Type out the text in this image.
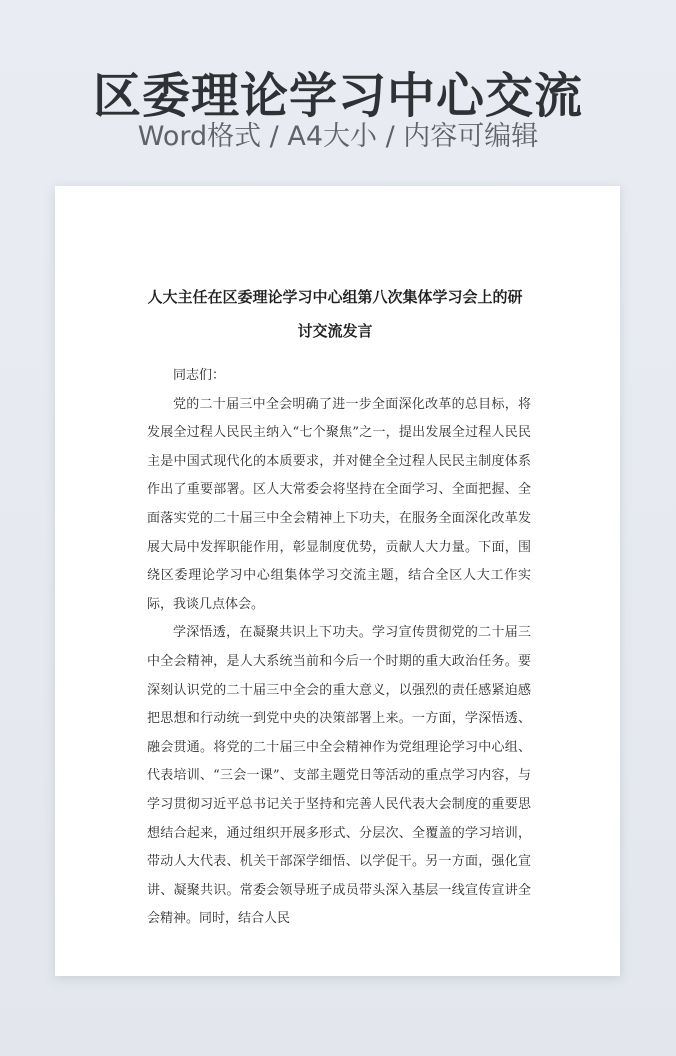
区委理论学习中心交流
Word格式 / A4大小 / 内容可编辑
人大主任在区委理论学习中心组第八次集体学习会上的研讨交流发言

同志们：

党的二十届三中全会明确了进一步全面深化改革的总目标，将发展全过程人民民主纳入“七个聚焦”之一，提出发展全过程人民民主是中国式现代化的本质要求，并对健全全过程人民民主制度体系作出了重要部署。区人大常委会将坚持在全面学习、全面把握、全面落实党的二十届三中全会精神上下功夫，在服务全面深化改革发展大局中发挥职能作用，彰显制度优势，贡献人大力量。下面，围绕区委理论学习中心组集体学习交流主题，结合全区人大工作实际，我谈几点体会。

学深悟透，在凝聚共识上下功夫。学习宣传贯彻党的二十届三中全会精神，是人大系统当前和今后一个时期的重大政治任务。要深刻认识党的二十届三中全会的重大意义，以强烈的责任感紧迫感把思想和行动统一到党中央的决策部署上来。一方面，学深悟透、融会贯通。将党的二十届三中全会精神作为党组理论学习中心组、代表培训、“三会一课”、支部主题党日等活动的重点学习内容，与学习贯彻习近平总书记关于坚持和完善人民代表大会制度的重要思想结合起来，通过组织开展多形式、分层次、全覆盖的学习培训，带动人大代表、机关干部深学细悟、以学促干。另一方面，强化宣讲、凝聚共识。常委会领导班子成员带头深入基层一线宣传宣讲全会精神。同时，结合人民
